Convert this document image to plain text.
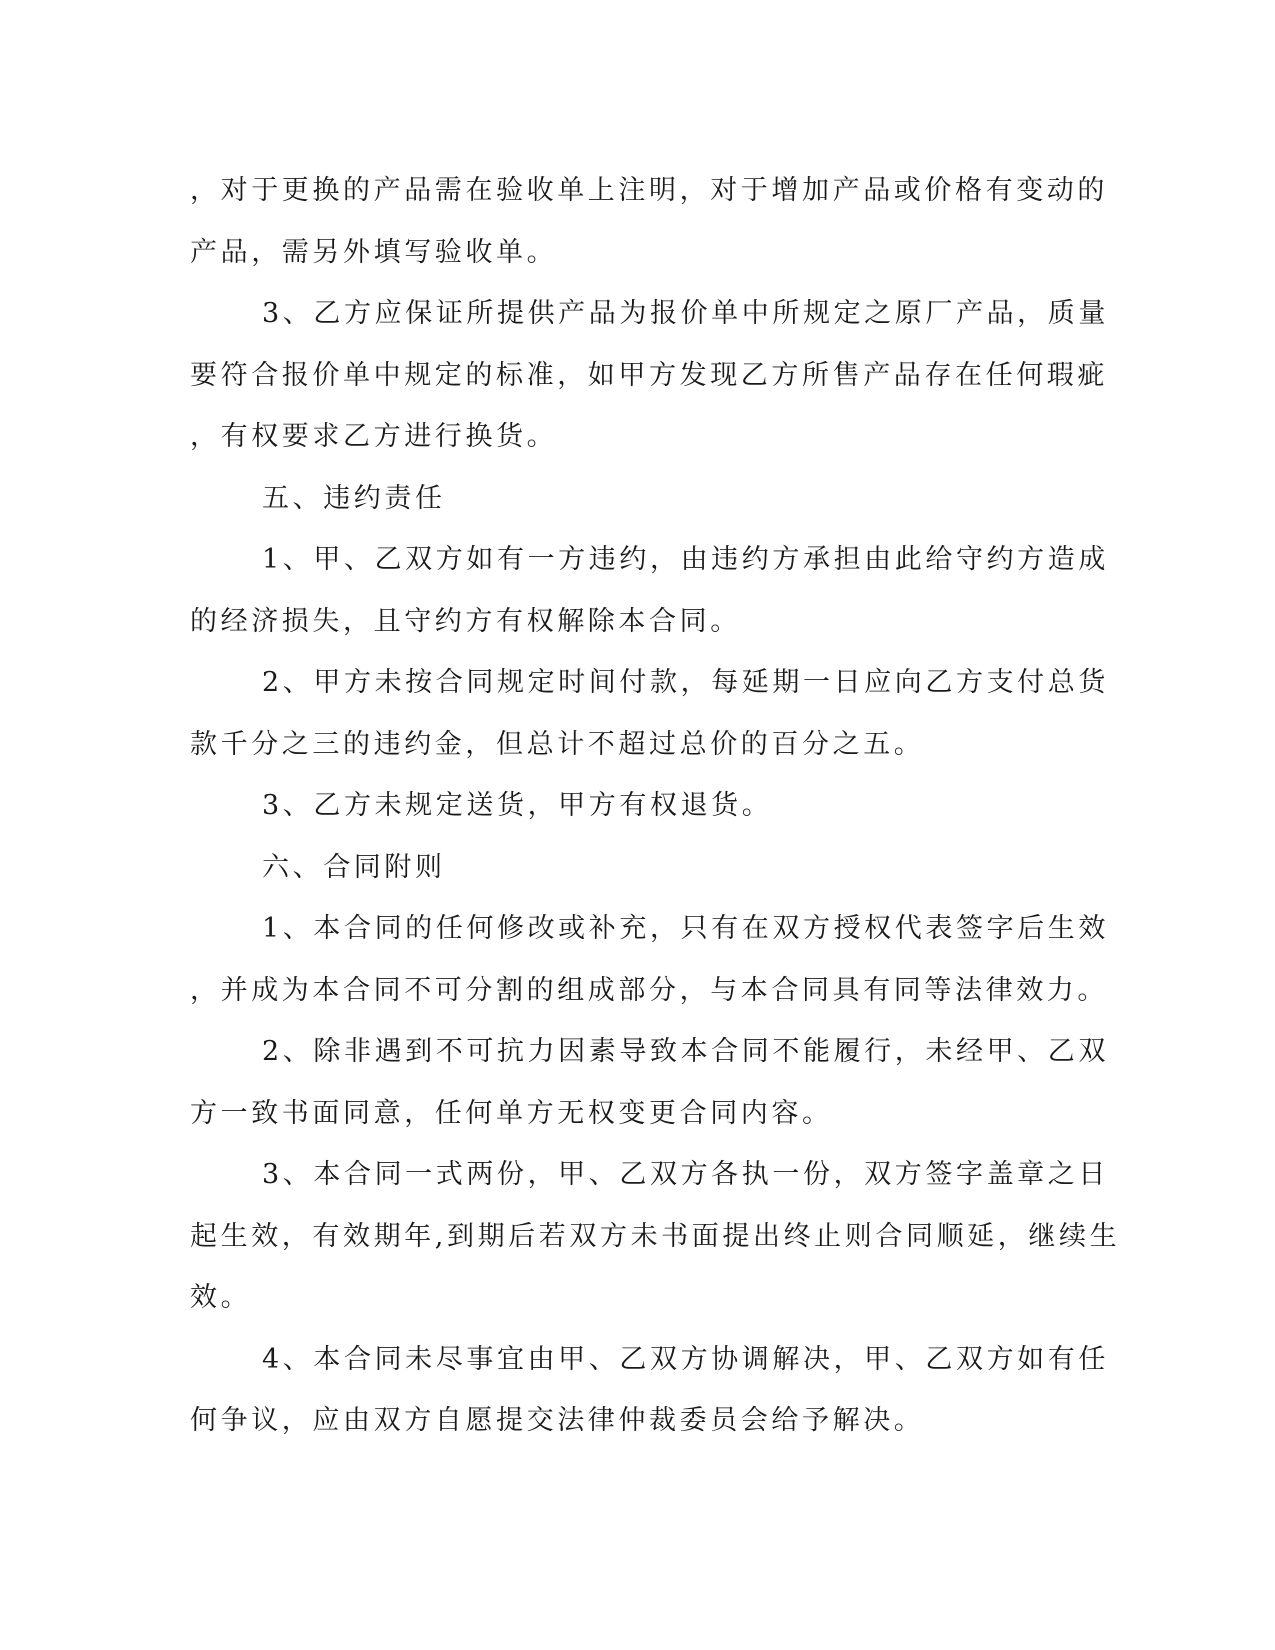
，对于更换的产品需在验收单上注明，对于增加产品或价格有变动的
产品，需另外填写验收单。
3、乙方应保证所提供产品为报价单中所规定之原厂产品，质量
要符合报价单中规定的标准，如甲方发现乙方所售产品存在任何瑕疵
，有权要求乙方进行换货。
五、违约责任
1、甲、乙双方如有一方违约，由违约方承担由此给守约方造成
的经济损失，且守约方有权解除本合同。
2、甲方未按合同规定时间付款，每延期一日应向乙方支付总货
款千分之三的违约金，但总计不超过总价的百分之五。
3、乙方未规定送货，甲方有权退货。
六、合同附则
1、本合同的任何修改或补充，只有在双方授权代表签字后生效
，并成为本合同不可分割的组成部分，与本合同具有同等法律效力。
2、除非遇到不可抗力因素导致本合同不能履行，未经甲、乙双
方一致书面同意，任何单方无权变更合同内容。
3、本合同一式两份，甲、乙双方各执一份，双方签字盖章之日
起生效，有效期年,到期后若双方未书面提出终止则合同顺延，继续生
效。
4、本合同未尽事宜由甲、乙双方协调解决，甲、乙双方如有任
何争议，应由双方自愿提交法律仲裁委员会给予解决。
